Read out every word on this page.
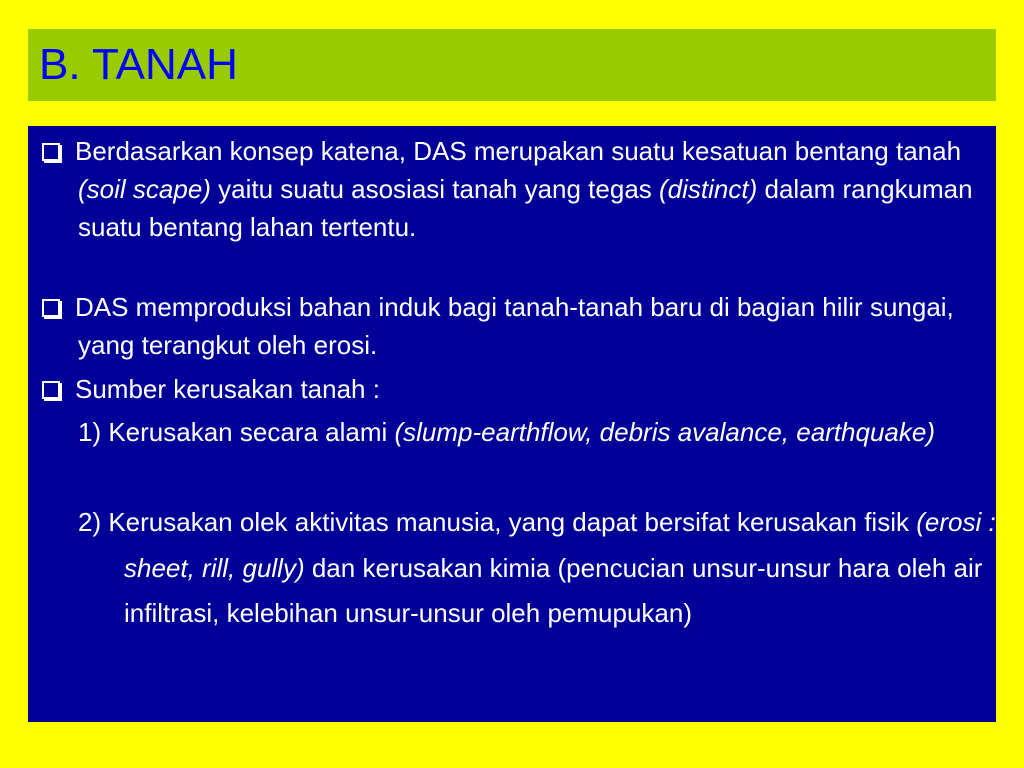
B. TANAH
Berdasarkan konsep katena, DAS merupakan suatu kesatuan bentang tanah (soil scape) yaitu suatu asosiasi tanah yang tegas (distinct) dalam rangkuman suatu bentang lahan tertentu.
DAS memproduksi bahan induk bagi tanah-tanah baru di bagian hilir sungai, yang terangkut oleh erosi.
Sumber kerusakan tanah :
1) Kerusakan secara alami (slump-earthflow, debris avalance, earthquake)
2) Kerusakan olek aktivitas manusia, yang dapat bersifat kerusakan fisik (erosi : sheet, rill, gully) dan kerusakan kimia (pencucian unsur-unsur hara oleh air infiltrasi, kelebihan unsur-unsur oleh pemupukan)
